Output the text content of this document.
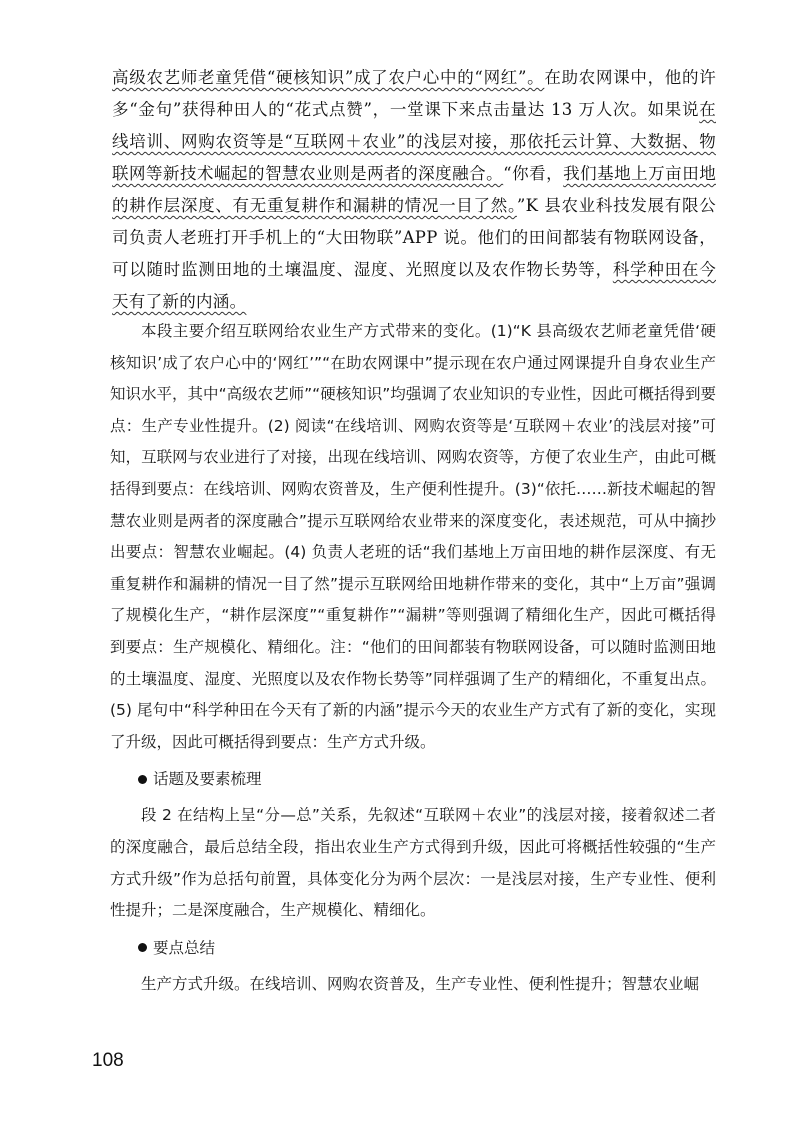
高级农艺师老童凭借“硬核知识”成了农户心中的“网红”。在助农网课中，他的许多“金句”获得种田人的“花式点赞”，一堂课下来点击量达 13 万人次。如果说在线培训、网购农资等是“互联网＋农业”的浅层对接，那依托云计算、大数据、物联网等新技术崛起的智慧农业则是两者的深度融合。“你看，我们基地上万亩田地的耕作层深度、有无重复耕作和漏耕的情况一目了然。”K 县农业科技发展有限公司负责人老班打开手机上的“大田物联”APP 说。他们的田间都装有物联网设备，可以随时监测田地的土壤温度、湿度、光照度以及农作物长势等，科学种田在今天有了新的内涵。

本段主要介绍互联网给农业生产方式带来的变化。(1)“K 县高级农艺师老童凭借‘硬核知识’成了农户心中的‘网红’”“在助农网课中”提示现在农户通过网课提升自身农业生产知识水平，其中“高级农艺师”“硬核知识”均强调了农业知识的专业性，因此可概括得到要点：生产专业性提升。(2) 阅读“在线培训、网购农资等是‘互联网＋农业’的浅层对接”可知，互联网与农业进行了对接，出现在线培训、网购农资等，方便了农业生产，由此可概括得到要点：在线培训、网购农资普及，生产便利性提升。(3)“依托……新技术崛起的智慧农业则是两者的深度融合”提示互联网给农业带来的深度变化，表述规范，可从中摘抄出要点：智慧农业崛起。(4) 负责人老班的话“我们基地上万亩田地的耕作层深度、有无重复耕作和漏耕的情况一目了然”提示互联网给田地耕作带来的变化，其中“上万亩”强调了规模化生产，“耕作层深度”“重复耕作”“漏耕”等则强调了精细化生产，因此可概括得到要点：生产规模化、精细化。注：“他们的田间都装有物联网设备，可以随时监测田地的土壤温度、湿度、光照度以及农作物长势等”同样强调了生产的精细化，不重复出点。(5) 尾句中“科学种田在今天有了新的内涵”提示今天的农业生产方式有了新的变化，实现了升级，因此可概括得到要点：生产方式升级。

话题及要素梳理

段 2 在结构上呈“分—总”关系，先叙述“互联网＋农业”的浅层对接，接着叙述二者的深度融合，最后总结全段，指出农业生产方式得到升级，因此可将概括性较强的“生产方式升级”作为总括句前置，具体变化分为两个层次：一是浅层对接，生产专业性、便利性提升；二是深度融合，生产规模化、精细化。

要点总结

生产方式升级。在线培训、网购农资普及，生产专业性、便利性提升；智慧农业崛

108
